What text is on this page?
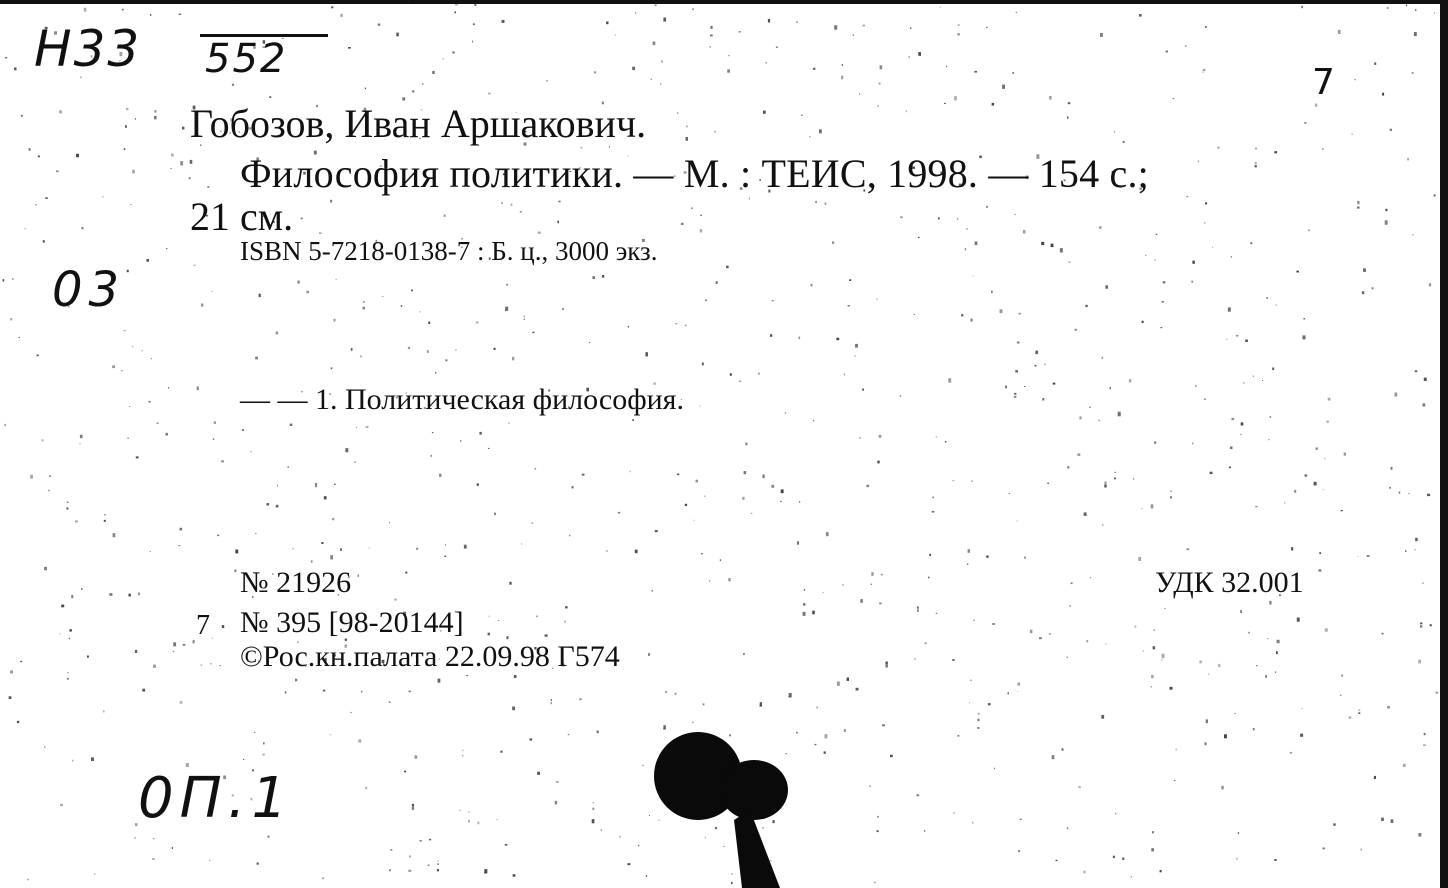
Н33 552
7
Гобозов, Иван Аршакович.
Философия политики. — М. : ТЕИС, 1998. — 154 с.;
21 см.
ISBN 5-7218-0138-7 : Б. ц., 3000 экз.
03
— — 1. Политическая философия.
№ 21926	УДК 32.001
7 № 395 [98-20144]
©Рос.кн.палата 22.09.98 Г574
0П.1
